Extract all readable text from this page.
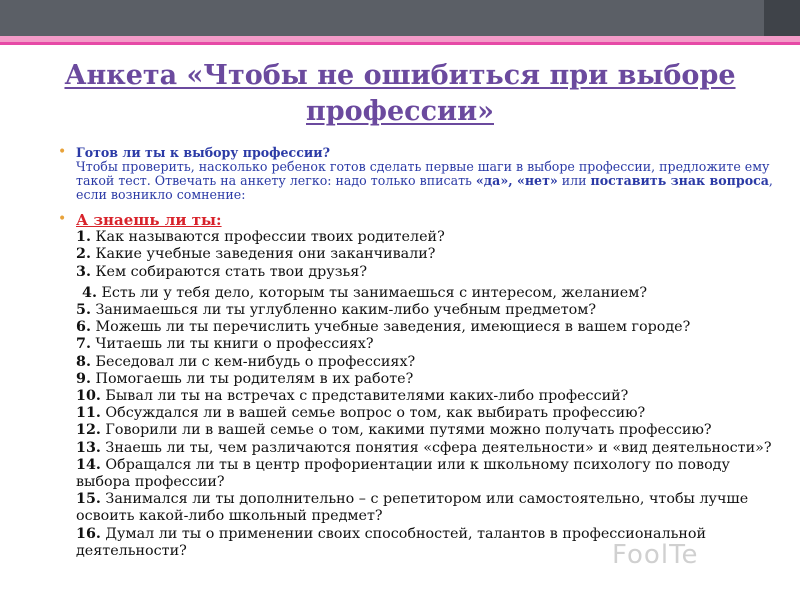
Анкета «Чтобы не ошибиться при выборе профессии»
• Готов ли ты к выбору профессии?
Чтобы проверить, насколько ребенок готов сделать первые шаги в выборе профессии, предложите ему такой тест. Отвечать на анкету легко: надо только вписать «да», «нет» или поставить знак вопроса, если возникло сомнение:
• А знаешь ли ты:
1. Как называются профессии твоих родителей?
2. Какие учебные заведения они заканчивали?
3. Кем собираются стать твои друзья?
4. Есть ли у тебя дело, которым ты занимаешься с интересом, желанием?
5. Занимаешься ли ты углубленно каким-либо учебным предметом?
6. Можешь ли ты перечислить учебные заведения, имеющиеся в вашем городе?
7. Читаешь ли ты книги о профессиях?
8. Беседовал ли с кем-нибудь о профессиях?
9. Помогаешь ли ты родителям в их работе?
10. Бывал ли ты на встречах с представителями каких-либо профессий?
11. Обсуждался ли в вашей семье вопрос о том, как выбирать профессию?
12. Говорили ли в вашей семье о том, какими путями можно получать профессию?
13. Знаешь ли ты, чем различаются понятия «сфера деятельности» и «вид деятельности»?
14. Обращался ли ты в центр профориентации или к школьному психологу по поводу выбора профессии?
15. Занимался ли ты дополнительно – с репетитором или самостоятельно, чтобы лучше освоить какой-либо школьный предмет?
16. Думал ли ты о применении своих способностей, талантов в профессиональной деятельности?	FoolTe
